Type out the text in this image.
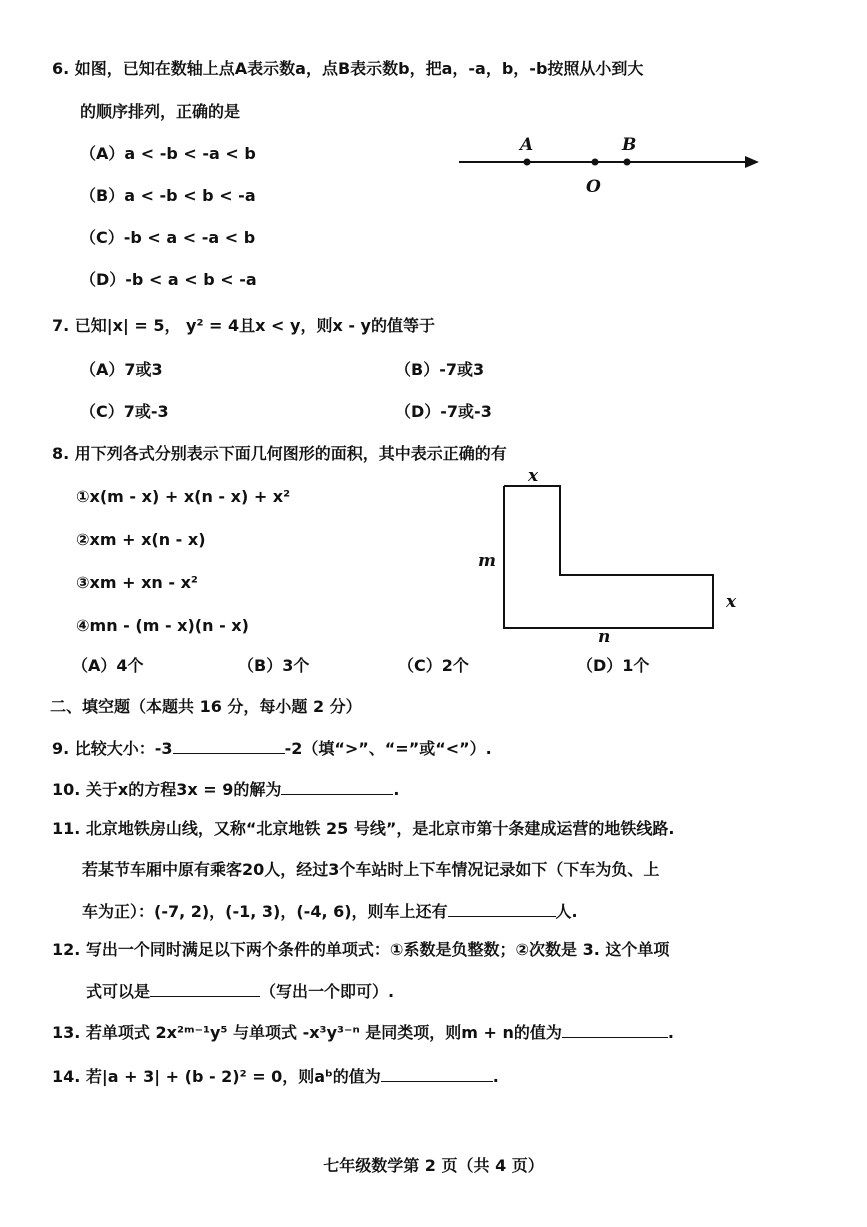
6. 如图，已知在数轴上点A表示数a，点B表示数b，把a，-a，b，-b按照从小到大
的顺序排列，正确的是
（A）a < -b < -a < b
（B）a < -b < b < -a
（C）-b < a < -a < b
（D）-b < a < b < -a
A
O
B
7. 已知|x| = 5， y² = 4且x < y，则x - y的值等于
（A）7或3	（B）-7或3
（C）7或-3	（D）-7或-3
8. 用下列各式分别表示下面几何图形的面积，其中表示正确的有
①x(m - x) + x(n - x) + x²
②xm + x(n - x)
③xm + xn - x²
④mn - (m - x)(n - x)
x
m
x
n
（A）4个	（B）3个	（C）2个	（D）1个
二、填空题（本题共 16 分，每小题 2 分）
9. 比较大小：-3	-2（填“>”、“=”或“<”）.
10. 关于x的方程3x = 9的解为	.
11. 北京地铁房山线，又称“北京地铁 25 号线”，是北京市第十条建成运营的地铁线路.
若某节车厢中原有乘客20人，经过3个车站时上下车情况记录如下（下车为负、上
车为正）：(-7, 2)，(-1, 3)，(-4, 6)，则车上还有	人.
12. 写出一个同时满足以下两个条件的单项式：①系数是负整数；②次数是 3. 这个单项
式可以是	（写出一个即可）.
13. 若单项式 2x²ᵐ⁻¹y⁵ 与单项式 -x³y³⁻ⁿ 是同类项，则m + n的值为	.
14. 若|a + 3| + (b - 2)² = 0，则aᵇ的值为	.
七年级数学第 2 页（共 4 页）
